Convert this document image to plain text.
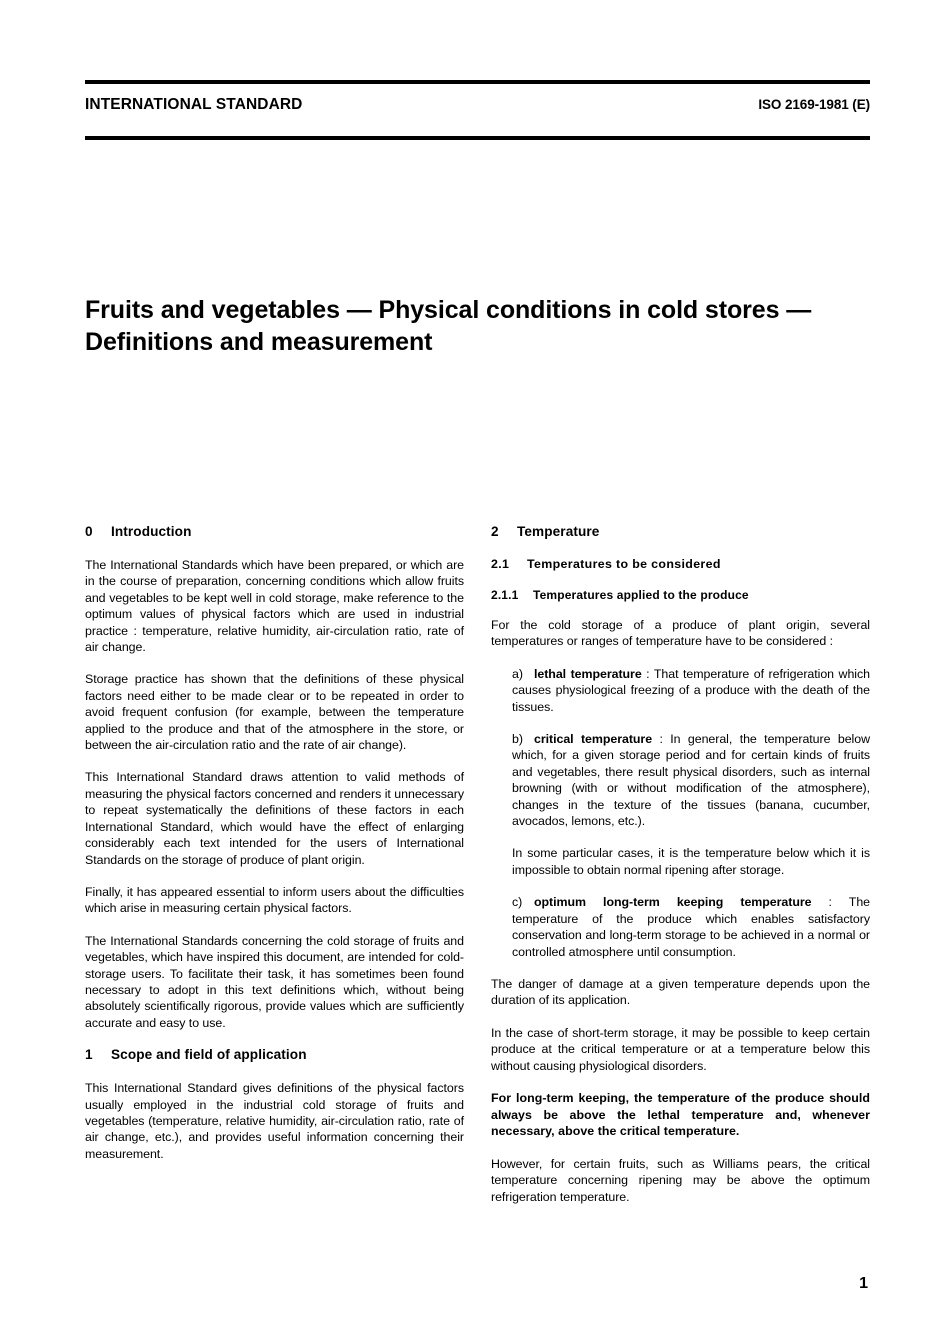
INTERNATIONAL STANDARD	ISO 2169-1981 (E)
Fruits and vegetables — Physical conditions in cold stores — Definitions and measurement
0 Introduction

The International Standards which have been prepared, or which are in the course of preparation, concerning conditions which allow fruits and vegetables to be kept well in cold storage, make reference to the optimum values of physical factors which are used in industrial practice : temperature, relative humidity, air-circulation ratio, rate of air change.

Storage practice has shown that the definitions of these physical factors need either to be made clear or to be repeated in order to avoid frequent confusion (for example, between the temperature applied to the produce and that of the atmosphere in the store, or between the air-circulation ratio and the rate of air change).

This International Standard draws attention to valid methods of measuring the physical factors concerned and renders it unnecessary to repeat systematically the definitions of these factors in each International Standard, which would have the effect of enlarging considerably each text intended for the users of International Standards on the storage of produce of plant origin.

Finally, it has appeared essential to inform users about the difficulties which arise in measuring certain physical factors.

The International Standards concerning the cold storage of fruits and vegetables, which have inspired this document, are intended for cold-storage users. To facilitate their task, it has sometimes been found necessary to adopt in this text definitions which, without being absolutely scientifically rigorous, provide values which are sufficiently accurate and easy to use.

1 Scope and field of application

This International Standard gives definitions of the physical factors usually employed in the industrial cold storage of fruits and vegetables (temperature, relative humidity, air-circulation ratio, rate of air change, etc.), and provides useful information concerning their measurement.

2 Temperature
2.1 Temperatures to be considered
2.1.1 Temperatures applied to the produce

For the cold storage of a produce of plant origin, several temperatures or ranges of temperature have to be considered :

a) lethal temperature : That temperature of refrigeration which causes physiological freezing of a produce with the death of the tissues.

b) critical temperature : In general, the temperature below which, for a given storage period and for certain kinds of fruits and vegetables, there result physical disorders, such as internal browning (with or without modification of the atmosphere), changes in the texture of the tissues (banana, cucumber, avocados, lemons, etc.).

In some particular cases, it is the temperature below which it is impossible to obtain normal ripening after storage.

c) optimum long-term keeping temperature : The temperature of the produce which enables satisfactory conservation and long-term storage to be achieved in a normal or controlled atmosphere until consumption.

The danger of damage at a given temperature depends upon the duration of its application.

In the case of short-term storage, it may be possible to keep certain produce at the critical temperature or at a temperature below this without causing physiological disorders.

For long-term keeping, the temperature of the produce should always be above the lethal temperature and, whenever necessary, above the critical temperature.

However, for certain fruits, such as Williams pears, the critical temperature concerning ripening may be above the optimum refrigeration temperature.

1
